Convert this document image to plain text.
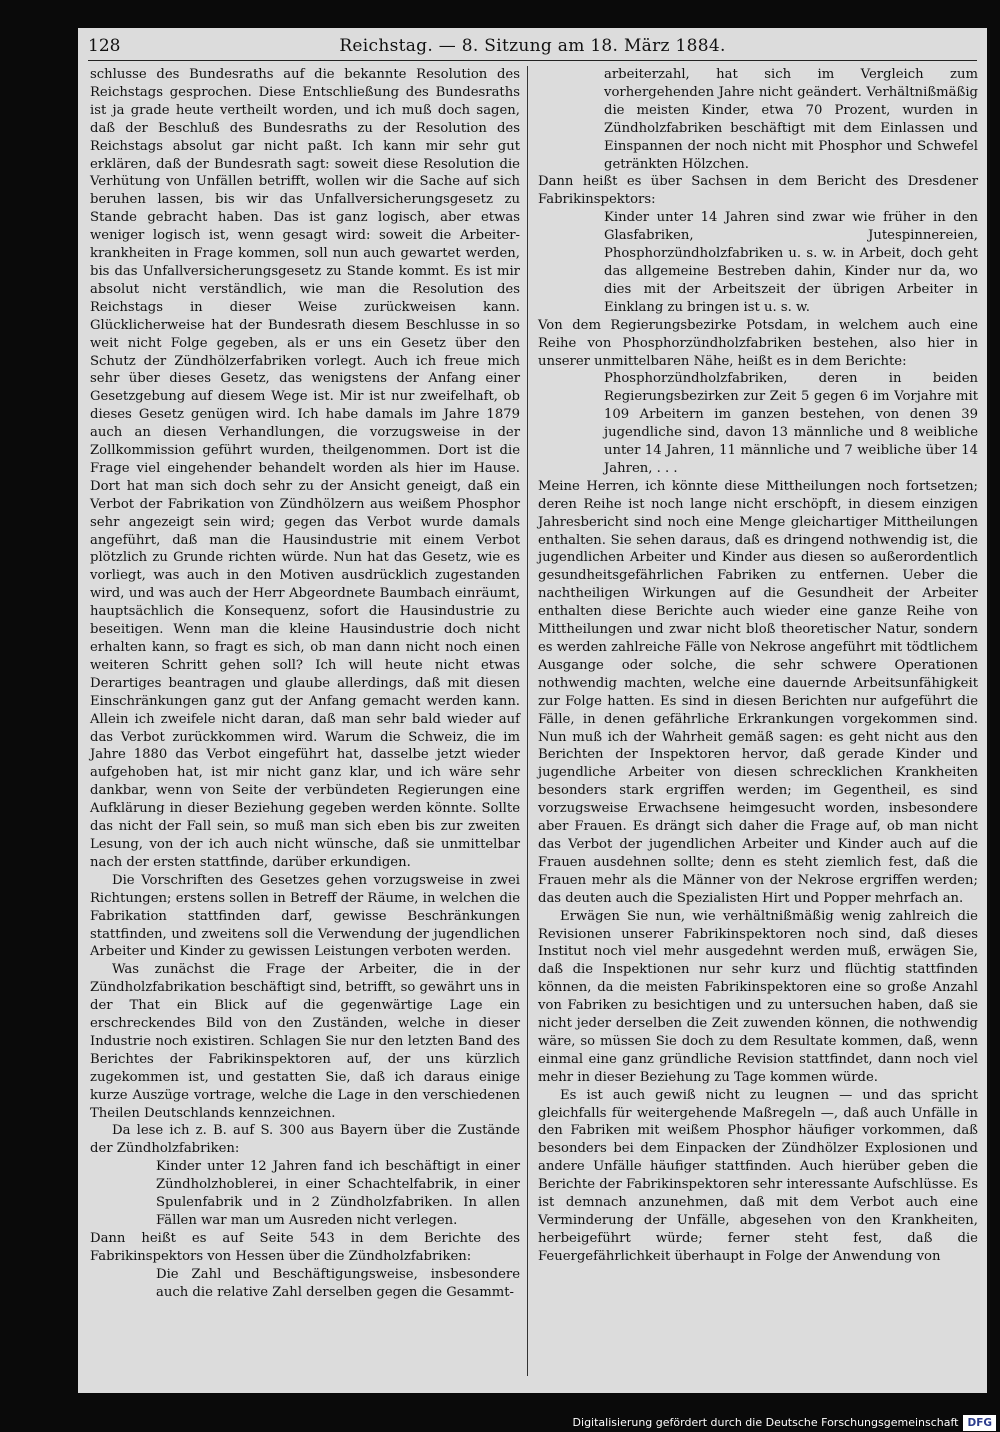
128	Reichstag. — 8. Sitzung am 18. März 1884.

schlusse des Bundesraths auf die bekannte Resolution des Reichstags gesprochen. Diese Entschließung des Bundesraths ist ja grade heute vertheilt worden, und ich muß doch sagen, daß der Beschluß des Bundesraths zu der Resolution des Reichstags absolut gar nicht paßt. Ich kann mir sehr gut erklären, daß der Bundesrath sagt: soweit diese Resolution die Verhütung von Unfällen betrifft, wollen wir die Sache auf sich beruhen lassen, bis wir das Unfallversicherungsgesetz zu Stande gebracht haben. Das ist ganz logisch, aber etwas weniger logisch ist, wenn gesagt wird: soweit die Arbeiter-krankheiten in Frage kommen, soll nun auch gewartet werden, bis das Unfallversicherungsgesetz zu Stande kommt. Es ist mir absolut nicht verständlich, wie man die Resolution des Reichstags in dieser Weise zurückweisen kann. Glücklicherweise hat der Bundesrath diesem Beschlusse in so weit nicht Folge gegeben, als er uns ein Gesetz über den Schutz der Zündhölzerfabriken vorlegt. Auch ich freue mich sehr über dieses Gesetz, das wenigstens der Anfang einer Gesetzgebung auf diesem Wege ist. Mir ist nur zweifelhaft, ob dieses Gesetz genügen wird. Ich habe damals im Jahre 1879 auch an diesen Verhandlungen, die vorzugsweise in der Zollkommission geführt wurden, theilgenommen. Dort ist die Frage viel eingehender behandelt worden als hier im Hause. Dort hat man sich doch sehr zu der Ansicht geneigt, daß ein Verbot der Fabrikation von Zündhölzern aus weißem Phosphor sehr angezeigt sein wird; gegen das Verbot wurde damals angeführt, daß man die Hausindustrie mit einem Verbot plötzlich zu Grunde richten würde. Nun hat das Gesetz, wie es vorliegt, was auch in den Motiven ausdrücklich zugestanden wird, und was auch der Herr Abgeordnete Baumbach einräumt, hauptsächlich die Konsequenz, sofort die Hausindustrie zu beseitigen. Wenn man die kleine Hausindustrie doch nicht erhalten kann, so fragt es sich, ob man dann nicht noch einen weiteren Schritt gehen soll? Ich will heute nicht etwas Derartiges beantragen und glaube allerdings, daß mit diesen Einschränkungen ganz gut der Anfang gemacht werden kann. Allein ich zweifele nicht daran, daß man sehr bald wieder auf das Verbot zurückkommen wird. Warum die Schweiz, die im Jahre 1880 das Verbot eingeführt hat, dasselbe jetzt wieder aufgehoben hat, ist mir nicht ganz klar, und ich wäre sehr dankbar, wenn von Seite der verbündeten Regierungen eine Aufklärung in dieser Beziehung gegeben werden könnte. Sollte das nicht der Fall sein, so muß man sich eben bis zur zweiten Lesung, von der ich auch nicht wünsche, daß sie unmittelbar nach der ersten stattfinde, darüber erkundigen.

Die Vorschriften des Gesetzes gehen vorzugsweise in zwei Richtungen; erstens sollen in Betreff der Räume, in welchen die Fabrikation stattfinden darf, gewisse Beschränkungen stattfinden, und zweitens soll die Verwendung der jugendlichen Arbeiter und Kinder zu gewissen Leistungen verboten werden.

Was zunächst die Frage der Arbeiter, die in der Zündholzfabrikation beschäftigt sind, betrifft, so gewährt uns in der That ein Blick auf die gegenwärtige Lage ein erschreckendes Bild von den Zuständen, welche in dieser Industrie noch existiren. Schlagen Sie nur den letzten Band des Berichtes der Fabrikinspektoren auf, der uns kürzlich zugekommen ist, und gestatten Sie, daß ich daraus einige kurze Auszüge vortrage, welche die Lage in den verschiedenen Theilen Deutschlands kennzeichnen.

Da lese ich z. B. auf S. 300 aus Bayern über die Zustände der Zündholzfabriken:

Kinder unter 12 Jahren fand ich beschäftigt in einer Zündholzhoblerei, in einer Schachtelfabrik, in einer Spulenfabrik und in 2 Zündholzfabriken. In allen Fällen war man um Ausreden nicht verlegen.

Dann heißt es auf Seite 543 in dem Berichte des Fabrikinspektors von Hessen über die Zündholzfabriken:

Die Zahl und Beschäftigungsweise, insbesondere auch die relative Zahl derselben gegen die Gesammt-

arbeiterzahl, hat sich im Vergleich zum vorhergehenden Jahre nicht geändert. Verhältnißmäßig die meisten Kinder, etwa 70 Prozent, wurden in Zündholzfabriken beschäftigt mit dem Einlassen und Einspannen der noch nicht mit Phosphor und Schwefel getränkten Hölzchen.

Dann heißt es über Sachsen in dem Bericht des Dresdener Fabrikinspektors:

Kinder unter 14 Jahren sind zwar wie früher in den Glasfabriken, Jutespinnereien, Phosphorzündholzfabriken u. s. w. in Arbeit, doch geht das allgemeine Bestreben dahin, Kinder nur da, wo dies mit der Arbeitszeit der übrigen Arbeiter in Einklang zu bringen ist u. s. w.

Von dem Regierungsbezirke Potsdam, in welchem auch eine Reihe von Phosphorzündholzfabriken bestehen, also hier in unserer unmittelbaren Nähe, heißt es in dem Berichte:

Phosphorzündholzfabriken, deren in beiden Regierungsbezirken zur Zeit 5 gegen 6 im Vorjahre mit 109 Arbeitern im ganzen bestehen, von denen 39 jugendliche sind, davon 13 männliche und 8 weibliche unter 14 Jahren, 11 männliche und 7 weibliche über 14 Jahren, . . .

Meine Herren, ich könnte diese Mittheilungen noch fortsetzen; deren Reihe ist noch lange nicht erschöpft, in diesem einzigen Jahresbericht sind noch eine Menge gleichartiger Mittheilungen enthalten. Sie sehen daraus, daß es dringend nothwendig ist, die jugendlichen Arbeiter und Kinder aus diesen so außerordentlich gesundheitsgefährlichen Fabriken zu entfernen. Ueber die nachtheiligen Wirkungen auf die Gesundheit der Arbeiter enthalten diese Berichte auch wieder eine ganze Reihe von Mittheilungen und zwar nicht bloß theoretischer Natur, sondern es werden zahlreiche Fälle von Nekrose angeführt mit tödtlichem Ausgange oder solche, die sehr schwere Operationen nothwendig machten, welche eine dauernde Arbeitsunfähigkeit zur Folge hatten. Es sind in diesen Berichten nur aufgeführt die Fälle, in denen gefährliche Erkrankungen vorgekommen sind. Nun muß ich der Wahrheit gemäß sagen: es geht nicht aus den Berichten der Inspektoren hervor, daß gerade Kinder und jugendliche Arbeiter von diesen schrecklichen Krankheiten besonders stark ergriffen werden; im Gegentheil, es sind vorzugsweise Erwachsene heimgesucht worden, insbesondere aber Frauen. Es drängt sich daher die Frage auf, ob man nicht das Verbot der jugendlichen Arbeiter und Kinder auch auf die Frauen ausdehnen sollte; denn es steht ziemlich fest, daß die Frauen mehr als die Männer von der Nekrose ergriffen werden; das deuten auch die Spezialisten Hirt und Popper mehrfach an.

Erwägen Sie nun, wie verhältnißmäßig wenig zahlreich die Revisionen unserer Fabrikinspektoren noch sind, daß dieses Institut noch viel mehr ausgedehnt werden muß, erwägen Sie, daß die Inspektionen nur sehr kurz und flüchtig stattfinden können, da die meisten Fabrikinspektoren eine so große Anzahl von Fabriken zu besichtigen und zu untersuchen haben, daß sie nicht jeder derselben die Zeit zuwenden können, die nothwendig wäre, so müssen Sie doch zu dem Resultate kommen, daß, wenn einmal eine ganz gründliche Revision stattfindet, dann noch viel mehr in dieser Beziehung zu Tage kommen würde.

Es ist auch gewiß nicht zu leugnen — und das spricht gleichfalls für weitergehende Maßregeln —, daß auch Unfälle in den Fabriken mit weißem Phosphor häufiger vorkommen, daß besonders bei dem Einpacken der Zündhölzer Explosionen und andere Unfälle häufiger stattfinden. Auch hierüber geben die Berichte der Fabrikinspektoren sehr interessante Aufschlüsse. Es ist demnach anzunehmen, daß mit dem Verbot auch eine Verminderung der Unfälle, abgesehen von den Krankheiten, herbeigeführt würde; ferner steht fest, daß die Feuergefährlichkeit überhaupt in Folge der Anwendung von

Digitalisierung gefördert durch die Deutsche Forschungsgemeinschaft DFG
